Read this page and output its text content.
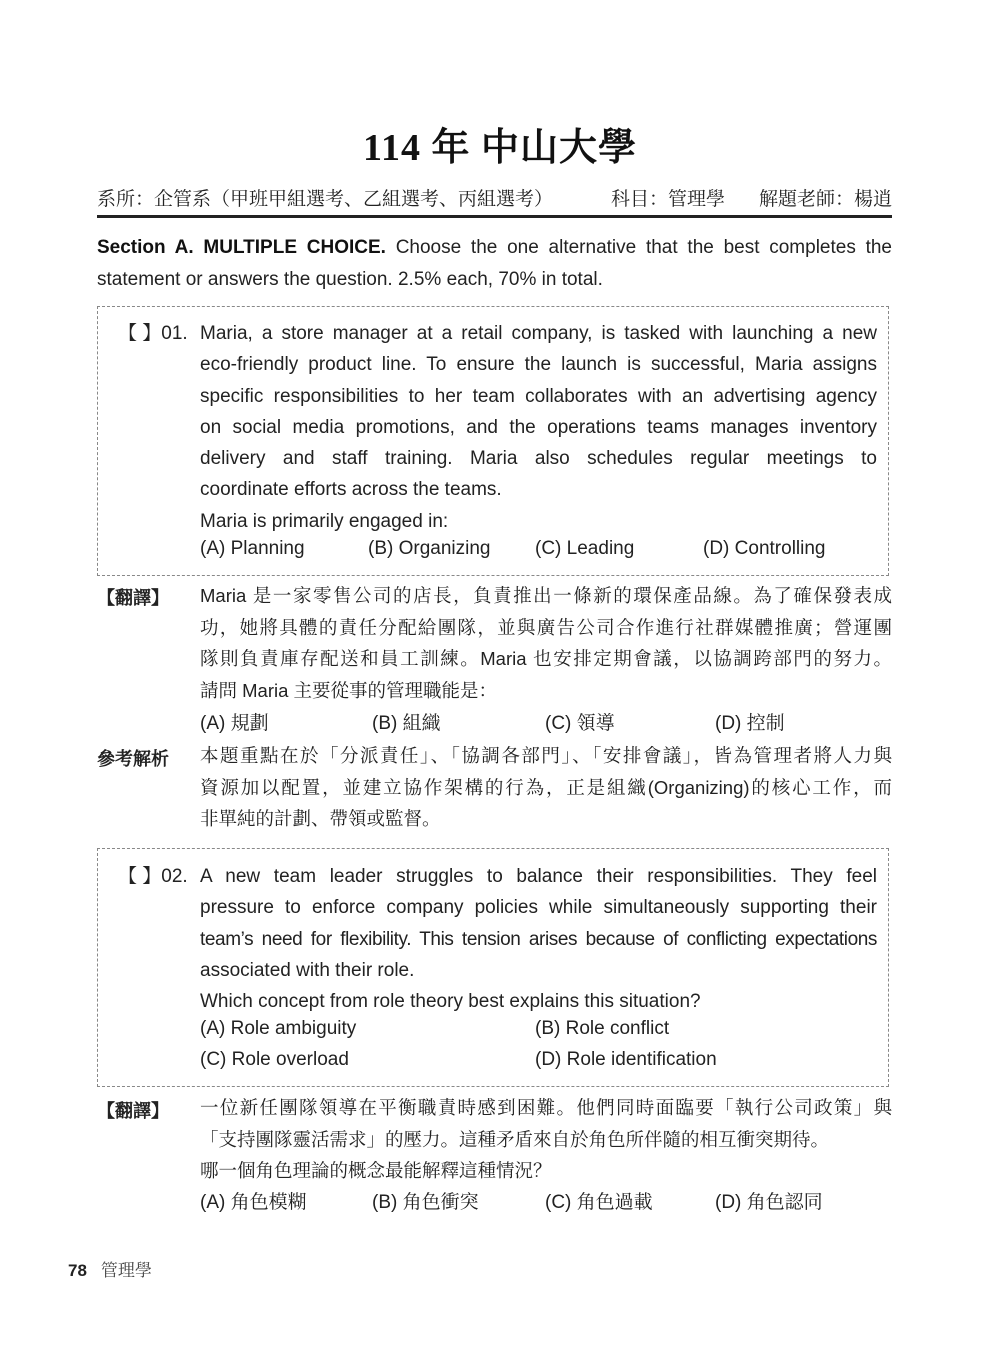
114 年 中山大學
系所：企管系（甲班甲組選考、乙組選考、丙組選考）	科目：管理學 解題老師：楊逍
Section A. MULTIPLE CHOICE. Choose the one alternative that the best completes the statement or answers the question. 2.5% each, 70% in total.
【 】01. Maria, a store manager at a retail company, is tasked with launching a new
eco-friendly product line. To ensure the launch is successful, Maria assigns
specific responsibilities to her team collaborates with an advertising agency
on social media promotions, and the operations teams manages inventory
delivery and staff training. Maria also schedules regular meetings to
coordinate efforts across the teams.
Maria is primarily engaged in:
(A) Planning	(B) Organizing (C) Leading	(D) Controlling
【翻譯】 Maria 是一家零售公司的店長，負責推出一條新的環保產品線。為了確保發表成
功，她將具體的責任分配給團隊，並與廣告公司合作進行社群媒體推廣；營運團
隊則負責庫存配送和員工訓練。Maria 也安排定期會議，以協調跨部門的努力。
請問 Maria 主要從事的管理職能是：
(A) 規劃	(B) 組織	(C) 領導	(D) 控制
參考解析 本題重點在於「分派責任」、「協調各部門」、「安排會議」，皆為管理者將人力與
資源加以配置，並建立協作架構的行為，正是組織(Organizing)的核心工作，而
非單純的計劃、帶領或監督。
【 】02. A new team leader struggles to balance their responsibilities. They feel
pressure to enforce company policies while simultaneously supporting their
team’s need for flexibility. This tension arises because of conflicting expectations
associated with their role.
Which concept from role theory best explains this situation?
(A) Role ambiguity	(B) Role conflict
(C) Role overload	(D) Role identification
【翻譯】 一位新任團隊領導在平衡職責時感到困難。他們同時面臨要「執行公司政策」與
「支持團隊靈活需求」的壓力。這種矛盾來自於角色所伴隨的相互衝突期待。
哪一個角色理論的概念最能解釋這種情況？
(A) 角色模糊	(B) 角色衝突	(C) 角色過載	(D) 角色認同
78 管理學
